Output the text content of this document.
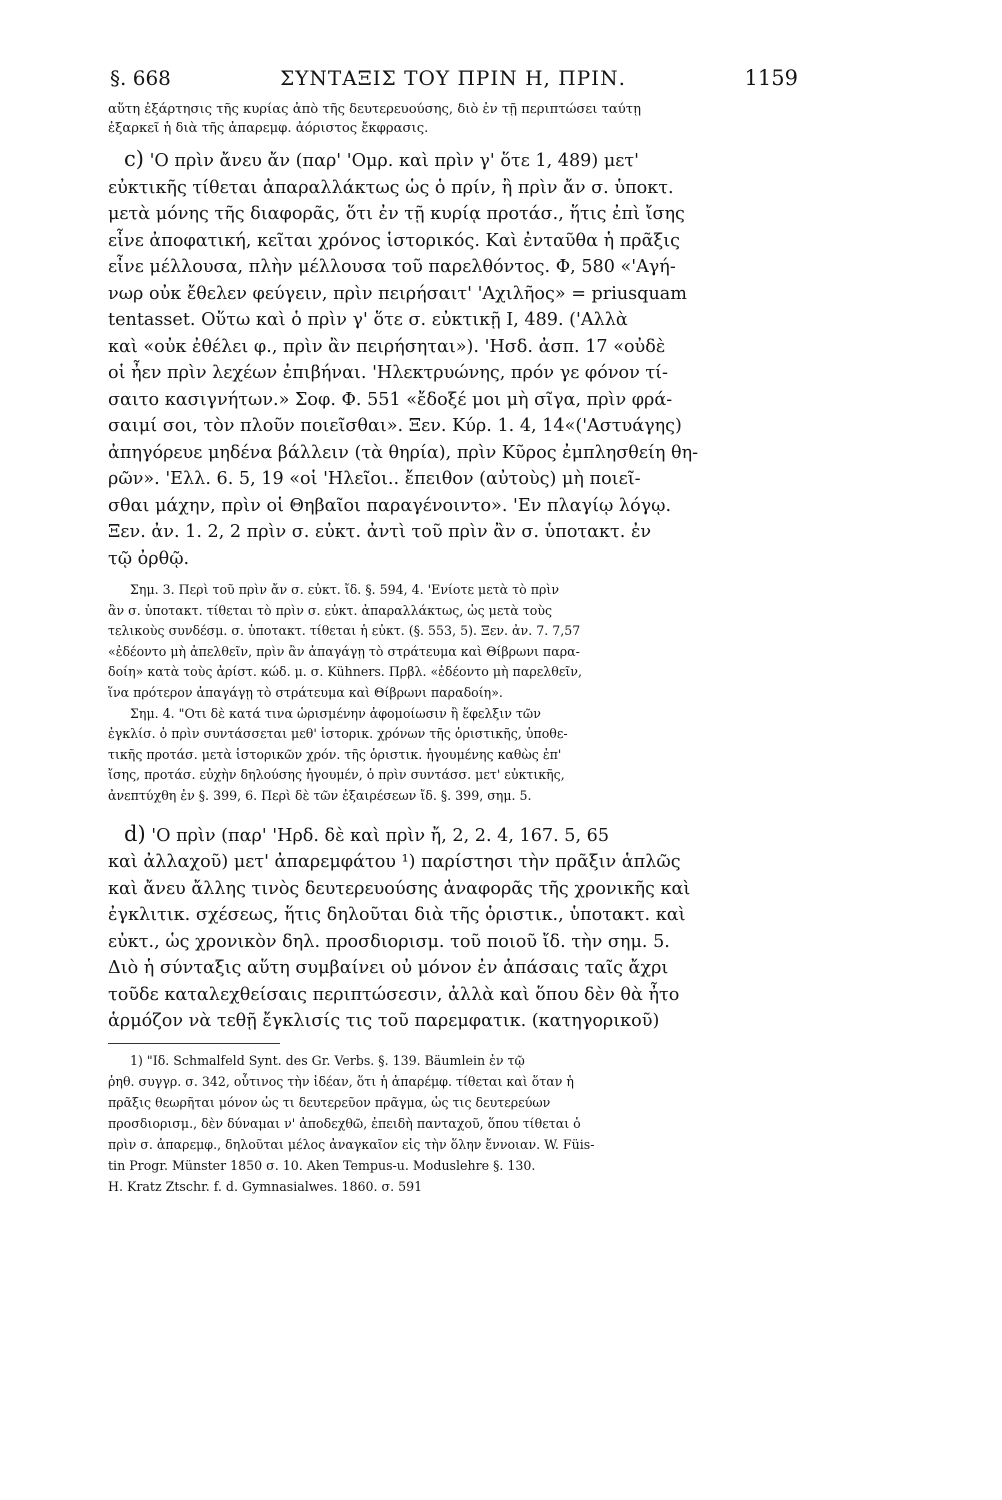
§. 668	ΣΥΝΤΑΞΙΣ ΤΟΥ ΠΡΙΝ Η, ΠΡΙΝ.	1159
αὕτη ἐξάρτησις τῆς κυρίας ἀπὸ τῆς δευτερευούσης, διὸ ἐν τῇ περιπτώσει ταύτῃ
ἐξαρκεῖ ἡ διὰ τῆς ἀπαρεμφ. ἀόριστος ἔκφρασις.
c) 'Ο πρὶν ἄνευ ἄν (παρ' 'Ομρ. καὶ πρὶν γ' ὅτε 1, 489) μετ'
εὐκτικῆς τίθεται ἀπαραλλάκτως ὡς ὁ πρίν, ἢ πρὶν ἄν σ. ὑποκτ.
μετὰ μόνης τῆς διαφορᾶς, ὅτι ἐν τῇ κυρίᾳ προτάσ., ἥτις ἐπὶ ἴσης
εἶνε ἀποφατική, κεῖται χρόνος ἱστορικός. Καὶ ἐνταῦθα ἡ πρᾶξις
εἶνε μέλλουσα, πλὴν μέλλουσα τοῦ παρελθόντος. Φ, 580 «'Αγή-
νωρ οὐκ ἔθελεν φεύγειν, πρὶν πειρήσαιτ' 'Αχιλῆος» = priusquam
tentasset. Οὕτω καὶ ὁ πρὶν γ' ὅτε σ. εὐκτικῇ I, 489. ('Αλλὰ
καὶ «οὐκ ἐθέλει φ., πρὶν ἂν πειρήσηται»). 'Ησδ. ἀσπ. 17 «οὐδὲ
οἱ ἦεν πρὶν λεχέων ἐπιβήναι. 'Ηλεκτρυώνης, πρόν γε φόνον τί-
σαιτο κασιγνήτων.» Σοφ. Φ. 551 «ἔδοξέ μοι μὴ σῖγα, πρὶν φρά-
σαιμί σοι, τὸν πλοῦν ποιεῖσθαι». Ξεν. Κύρ. 1. 4, 14«('Αστυάγης)
ἀπηγόρευε μηδένα βάλλειν (τὰ θηρία), πρὶν Κῦρος ἐμπλησθείη θη-
ρῶν». 'Ελλ. 6. 5, 19 «οἱ 'Ηλεῖοι.. ἔπειθον (αὐτοὺς) μὴ ποιεῖ-
σθαι μάχην, πρὶν οἱ Θηβαῖοι παραγένοιντο». 'Εν πλαγίῳ λόγῳ.
Ξεν. ἀν. 1. 2, 2 πρὶν σ. εὐκτ. ἀντὶ τοῦ πρὶν ἂν σ. ὑποτακτ. ἐν
τῷ ὀρθῷ.
Σημ. 3. Περὶ τοῦ πρὶν ἄν σ. εὐκτ. ἴδ. §. 594, 4. 'Ενίοτε μετὰ τὸ πρὶν
ἂν σ. ὑποτακτ. τίθεται τὸ πρὶν σ. εὐκτ. ἀπαραλλάκτως, ὡς μετὰ τοὺς
τελικοὺς συνδέσμ. σ. ὑποτακτ. τίθεται ἡ εὐκτ. (§. 553, 5). Ξεν. ἀν. 7. 7,57
«ἐδέοντο μὴ ἀπελθεῖν, πρὶν ἂν ἀπαγάγῃ τὸ στράτευμα καὶ Θίβρωνι παρα-
δοίη» κατὰ τοὺς ἀρίστ. κώδ. μ. σ. Kühners. Πρβλ. «ἐδέοντο μὴ παρελθεῖν,
ἵνα πρότερον ἀπαγάγῃ τὸ στράτευμα καὶ Θίβρωνι παραδοίη».
Σημ. 4. "Οτι δὲ κατά τινα ὡρισμένην ἀφομοίωσιν ἢ ἕφελξιν τῶν
ἐγκλίσ. ὁ πρὶν συντάσσεται μεθ' ἱστορικ. χρόνων τῆς ὁριστικῆς, ὑποθε-
τικῆς προτάσ. μετὰ ἱστορικῶν χρόν. τῆς ὁριστικ. ἡγουμένης καθὼς ἐπ'
ἴσης, προτάσ. εὐχὴν δηλούσης ἡγουμέν, ὁ πρὶν συντάσσ. μετ' εὐκτικῆς,
ἀνεπτύχθη ἐν §. 399, 6. Περὶ δὲ τῶν ἐξαιρέσεων ἴδ. §. 399, σημ. 5.
d) 'Ο πρὶν (παρ' 'Ηρδ. δὲ καὶ πρὶν ἤ, 2, 2. 4, 167. 5, 65
καὶ ἀλλαχοῦ) μετ' ἀπαρεμφάτου ¹) παρίστησι τὴν πρᾶξιν ἁπλῶς
καὶ ἄνευ ἄλλης τινὸς δευτερευούσης ἀναφορᾶς τῆς χρονικῆς καὶ
ἐγκλιτικ. σχέσεως, ἥτις δηλοῦται διὰ τῆς ὁριστικ., ὑποτακτ. καὶ
εὐκτ., ὡς χρονικὸν δηλ. προσδιορισμ. τοῦ ποιοῦ ἴδ. τὴν σημ. 5.
Διὸ ἡ σύνταξις αὕτη συμβαίνει οὐ μόνον ἐν ἁπάσαις ταῖς ἄχρι
τοῦδε καταλεχθείσαις περιπτώσεσιν, ἀλλὰ καὶ ὅπου δὲν θὰ ἦτο
ἁρμόζον νὰ τεθῇ ἔγκλισίς τις τοῦ παρεμφατικ. (κατηγορικοῦ)
1) "Ιδ. Schmalfeld Synt. des Gr. Verbs. §. 139. Bäumlein ἐν τῷ
ῥηθ. συγγρ. σ. 342, οὗτινος τὴν ἰδέαν, ὅτι ἡ ἀπαρέμφ. τίθεται καὶ ὅταν ἡ
πρᾶξις θεωρῆται μόνον ὡς τι δευτερεῦον πρᾶγμα, ὡς τις δευτερεύων
προσδιορισμ., δὲν δύναμαι ν' ἀποδεχθῶ, ἐπειδὴ πανταχοῦ, ὅπου τίθεται ὁ
πρὶν σ. ἀπαρεμφ., δηλοῦται μέλος ἀναγκαῖον εἰς τὴν ὅλην ἔννοιαν. W. Füis-
tin Progr. Münster 1850 σ. 10. Aken Tempus-u. Moduslehre §. 130.
H. Kratz Ztschr. f. d. Gymnasialwes. 1860. σ. 591
